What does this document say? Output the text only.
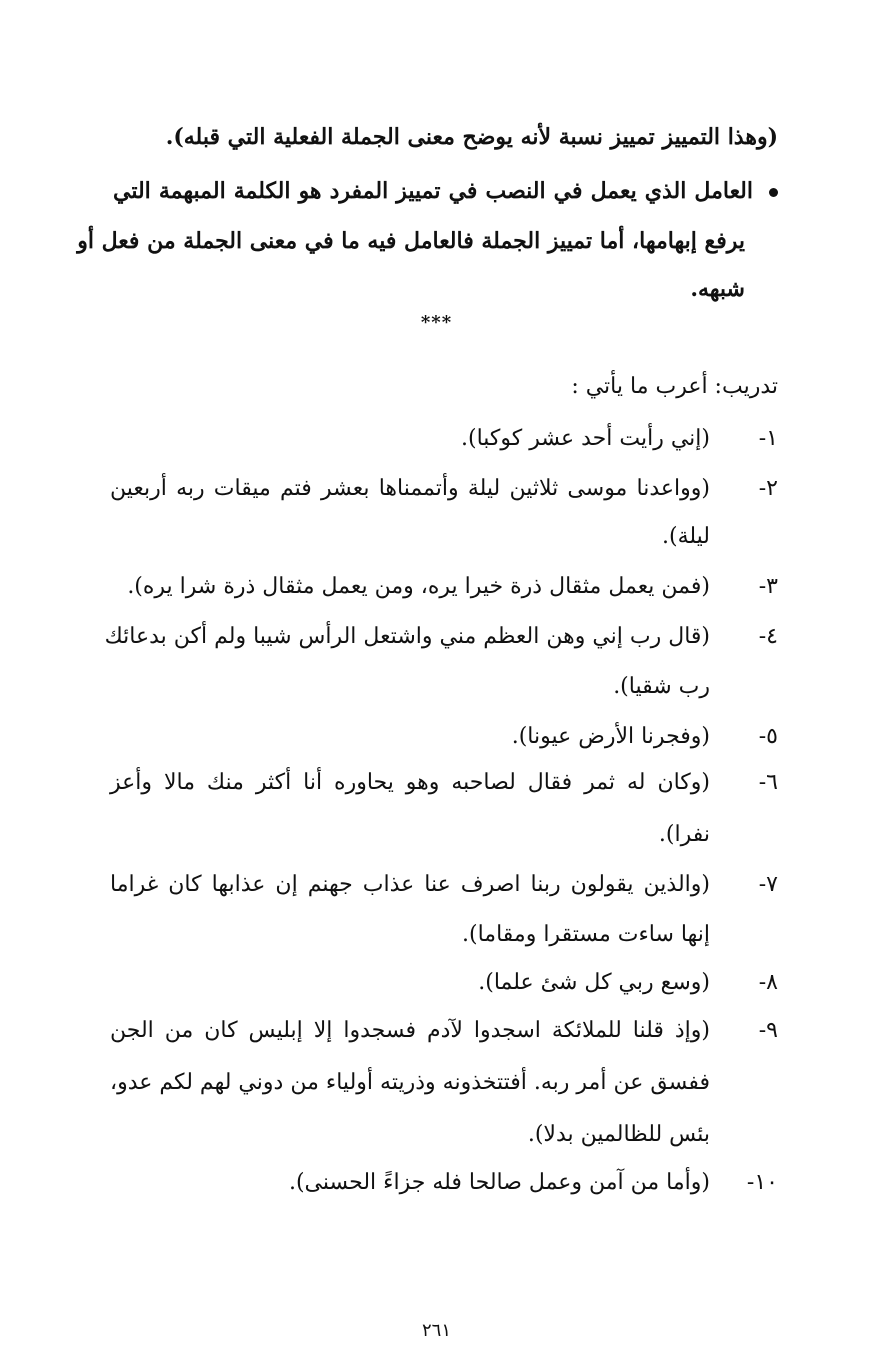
(وهذا التمييز تمييز نسبة لأنه يوضح معنى الجملة الفعلية التي قبله).
العامل الذي يعمل في النصب في تمييز المفرد هو الكلمة المبهمة التي
يرفع إبهامها، أما تمييز الجملة فالعامل فيه ما في معنى الجملة من فعل أو
شبهه.
***
تدريب: أعرب ما يأتي :
١-
(إني رأيت أحد عشر كوكبا).
٢-
(وواعدنا موسى ثلاثين ليلة وأتممناها بعشر فتم ميقات ربه أربعين
ليلة).
٣-
(فمن يعمل مثقال ذرة خيرا يره، ومن يعمل مثقال ذرة شرا يره).
٤-
(قال رب إني وهن العظم مني واشتعل الرأس شيبا ولم أكن بدعائك
رب شقيا).
٥-
(وفجرنا الأرض عيونا).
٦-
(وكان له ثمر فقال لصاحبه وهو يحاوره أنا أكثر منك مالا وأعز
نفرا).
٧-
(والذين يقولون ربنا اصرف عنا عذاب جهنم إن عذابها كان غراما
إنها ساءت مستقرا ومقاما).
٨-
(وسع ربي كل شئ علما).
٩-
(وإذ قلنا للملائكة اسجدوا لآدم فسجدوا إلا إبليس كان من الجن
ففسق عن أمر ربه. أفتتخذونه وذريته أولياء من دوني لهم لكم عدو،
بئس للظالمين بدلا).
١٠-
(وأما من آمن وعمل صالحا فله جزاءً الحسنى).
٢٦١
